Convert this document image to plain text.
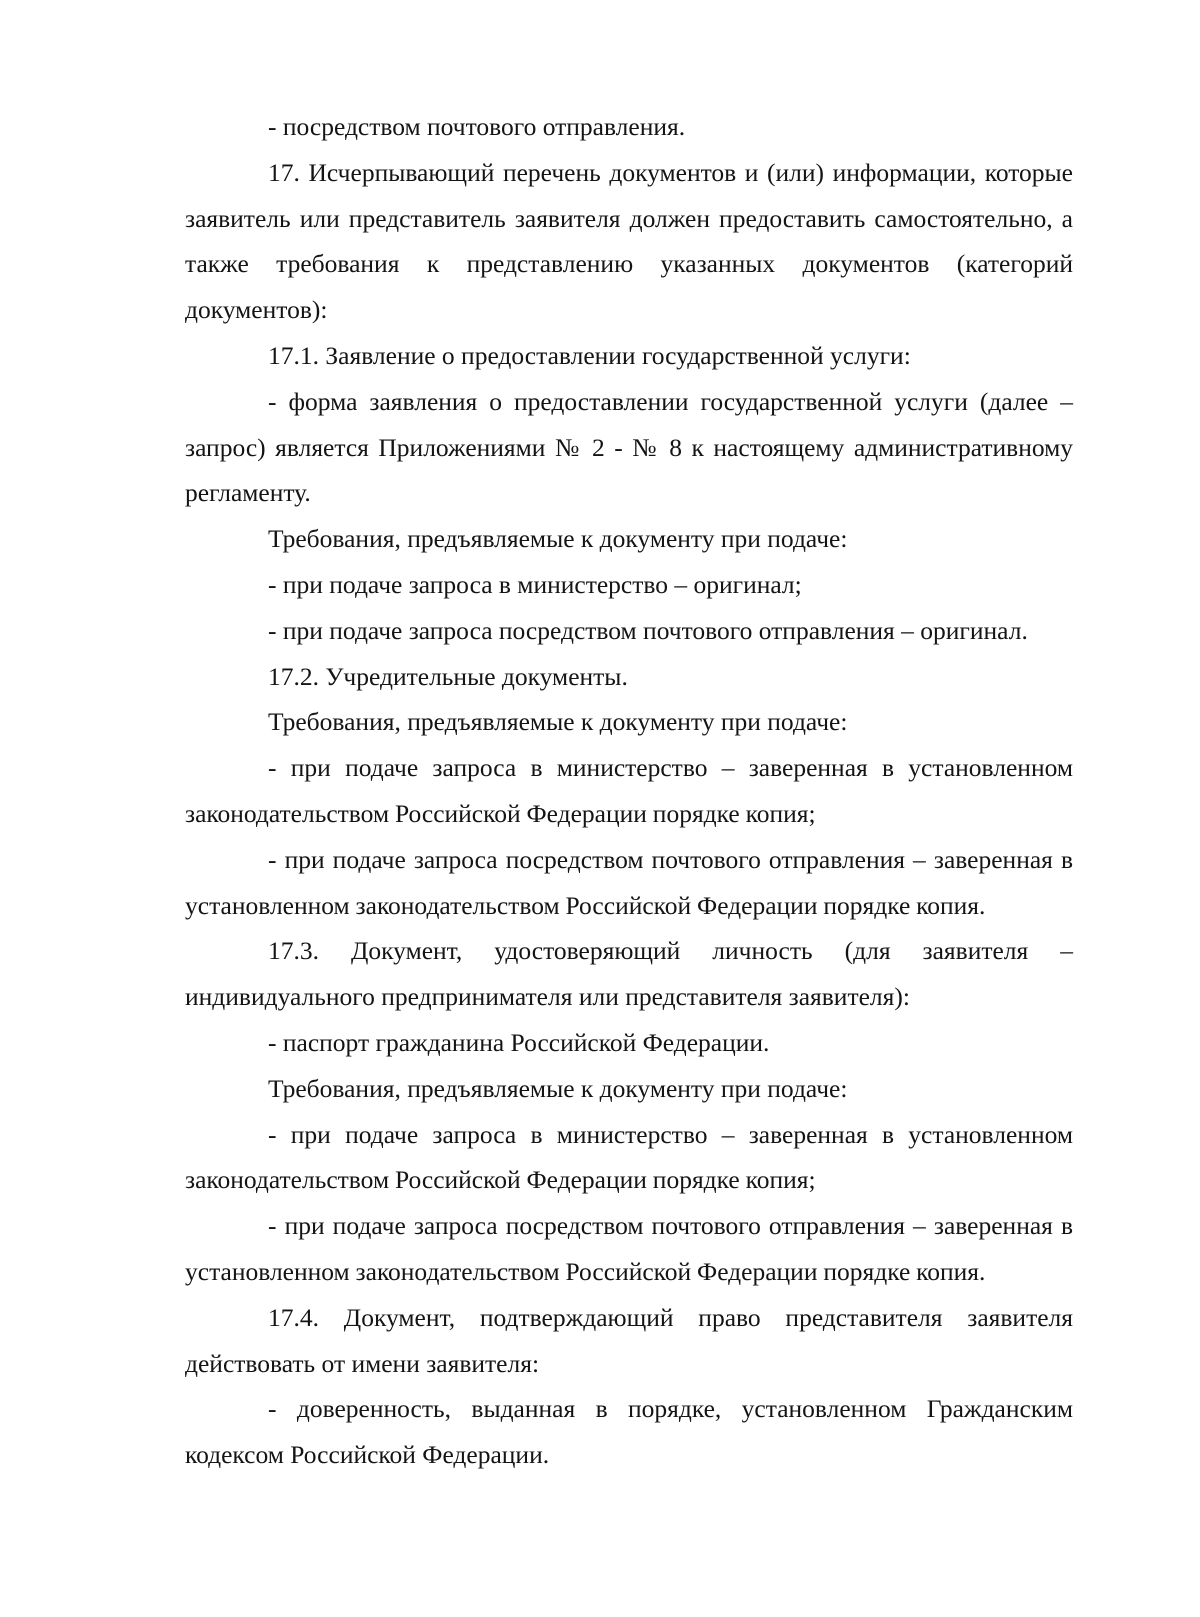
- посредством почтового отправления.

17. Исчерпывающий перечень документов и (или) информации, которые заявитель или представитель заявителя должен предоставить самостоятельно, а также требования к представлению указанных документов (категорий документов):

17.1. Заявление о предоставлении государственной услуги:

- форма заявления о предоставлении государственной услуги (далее – запрос) является Приложениями № 2 - № 8 к настоящему административному регламенту.

Требования, предъявляемые к документу при подаче:

- при подаче запроса в министерство – оригинал;

- при подаче запроса посредством почтового отправления – оригинал.

17.2. Учредительные документы.

Требования, предъявляемые к документу при подаче:

- при подаче запроса в министерство – заверенная в установленном законодательством Российской Федерации порядке копия;

- при подаче запроса посредством почтового отправления – заверенная в установленном законодательством Российской Федерации порядке копия.

17.3. Документ, удостоверяющий личность (для заявителя – индивидуального предпринимателя или представителя заявителя):

- паспорт гражданина Российской Федерации.

Требования, предъявляемые к документу при подаче:

- при подаче запроса в министерство – заверенная в установленном законодательством Российской Федерации порядке копия;

- при подаче запроса посредством почтового отправления – заверенная в установленном законодательством Российской Федерации порядке копия.

17.4. Документ, подтверждающий право представителя заявителя действовать от имени заявителя:

- доверенность, выданная в порядке, установленном Гражданским кодексом Российской Федерации.
